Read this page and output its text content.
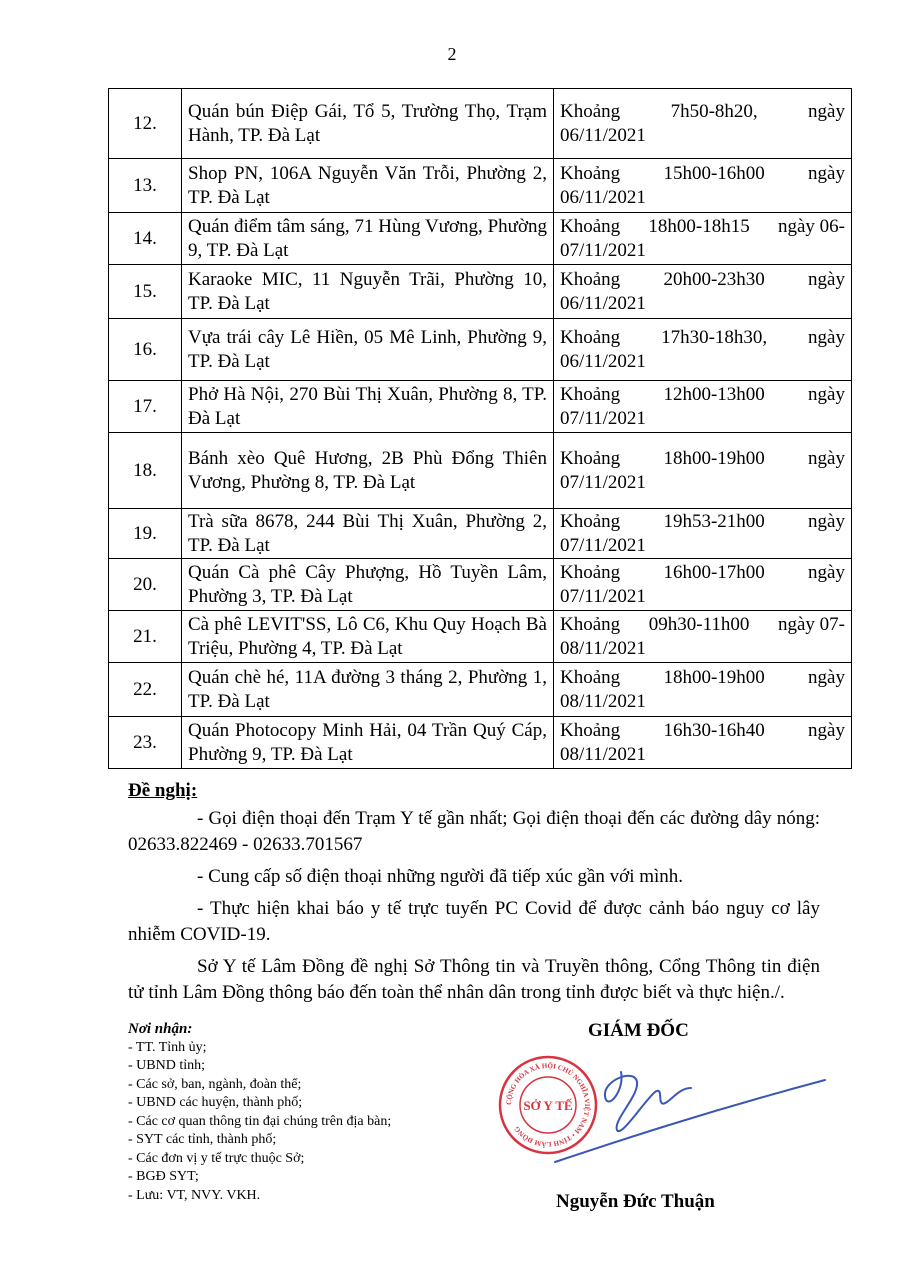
2
12.	Quán bún Điệp Gái, Tổ 5, Trường Thọ, Trạm Hành, TP. Đà Lạt	Khoảng 7h50-8h20, ngày
06/11/2021

13.	Shop PN, 106A Nguyễn Văn Trỗi, Phường 2, TP. Đà Lạt	Khoảng 15h00-16h00 ngày
06/11/2021

14.	Quán điểm tâm sáng, 71 Hùng Vương, Phường 9, TP. Đà Lạt	Khoảng 18h00-18h15 ngày 06-
07/11/2021

15.	Karaoke MIC, 11 Nguyễn Trãi, Phường 10, TP. Đà Lạt	Khoảng 20h00-23h30 ngày
06/11/2021

16.	Vựa trái cây Lê Hiền, 05 Mê Linh, Phường 9, TP. Đà Lạt	Khoảng 17h30-18h30, ngày
06/11/2021

17.	Phở Hà Nội, 270 Bùi Thị Xuân, Phường 8, TP. Đà Lạt	Khoảng 12h00-13h00 ngày
07/11/2021

18.	Bánh xèo Quê Hương, 2B Phù Đổng Thiên Vương, Phường 8, TP. Đà Lạt	Khoảng 18h00-19h00 ngày
07/11/2021

19.	Trà sữa 8678, 244 Bùi Thị Xuân, Phường 2, TP. Đà Lạt	Khoảng 19h53-21h00 ngày
07/11/2021

20.	Quán Cà phê Cây Phượng, Hồ Tuyền Lâm, Phường 3, TP. Đà Lạt	Khoảng 16h00-17h00 ngày
07/11/2021

21.	Cà phê LEVIT'SS, Lô C6, Khu Quy Hoạch Bà Triệu, Phường 4, TP. Đà Lạt	Khoảng 09h30-11h00 ngày 07-
08/11/2021

22.	Quán chè hé, 11A đường 3 tháng 2, Phường 1, TP. Đà Lạt	Khoảng 18h00-19h00 ngày
08/11/2021

23.	Quán Photocopy Minh Hải, 04 Trần Quý Cáp, Phường 9, TP. Đà Lạt	Khoảng 16h30-16h40 ngày
08/11/2021
Đề nghị:

- Gọi điện thoại đến Trạm Y tế gần nhất; Gọi điện thoại đến các đường dây nóng: 02633.822469 - 02633.701567

- Cung cấp số điện thoại những người đã tiếp xúc gần với mình.

- Thực hiện khai báo y tế trực tuyến PC Covid để được cảnh báo nguy cơ lây nhiễm COVID-19.

Sở Y tế Lâm Đồng đề nghị Sở Thông tin và Truyền thông, Cổng Thông tin điện tử tỉnh Lâm Đồng thông báo đến toàn thể nhân dân trong tỉnh được biết và thực hiện./.

Nơi nhận:
- TT. Tỉnh ủy;
- UBND tỉnh;
- Các sở, ban, ngành, đoàn thể;
- UBND các huyện, thành phố;
- Các cơ quan thông tin đại chúng trên địa bàn;
- SYT các tỉnh, thành phố;
- Các đơn vị y tế trực thuộc Sở;
- BGĐ SYT;
- Lưu: VT, NVY. VKH.
GIÁM ĐỐC
CỘNG HÒA XÃ HỘI CHỦ NGHĨA VIỆT NAM • TỈNH LÂM ĐỒNG
SỞ Y TẾ
Nguyễn Đức Thuận
